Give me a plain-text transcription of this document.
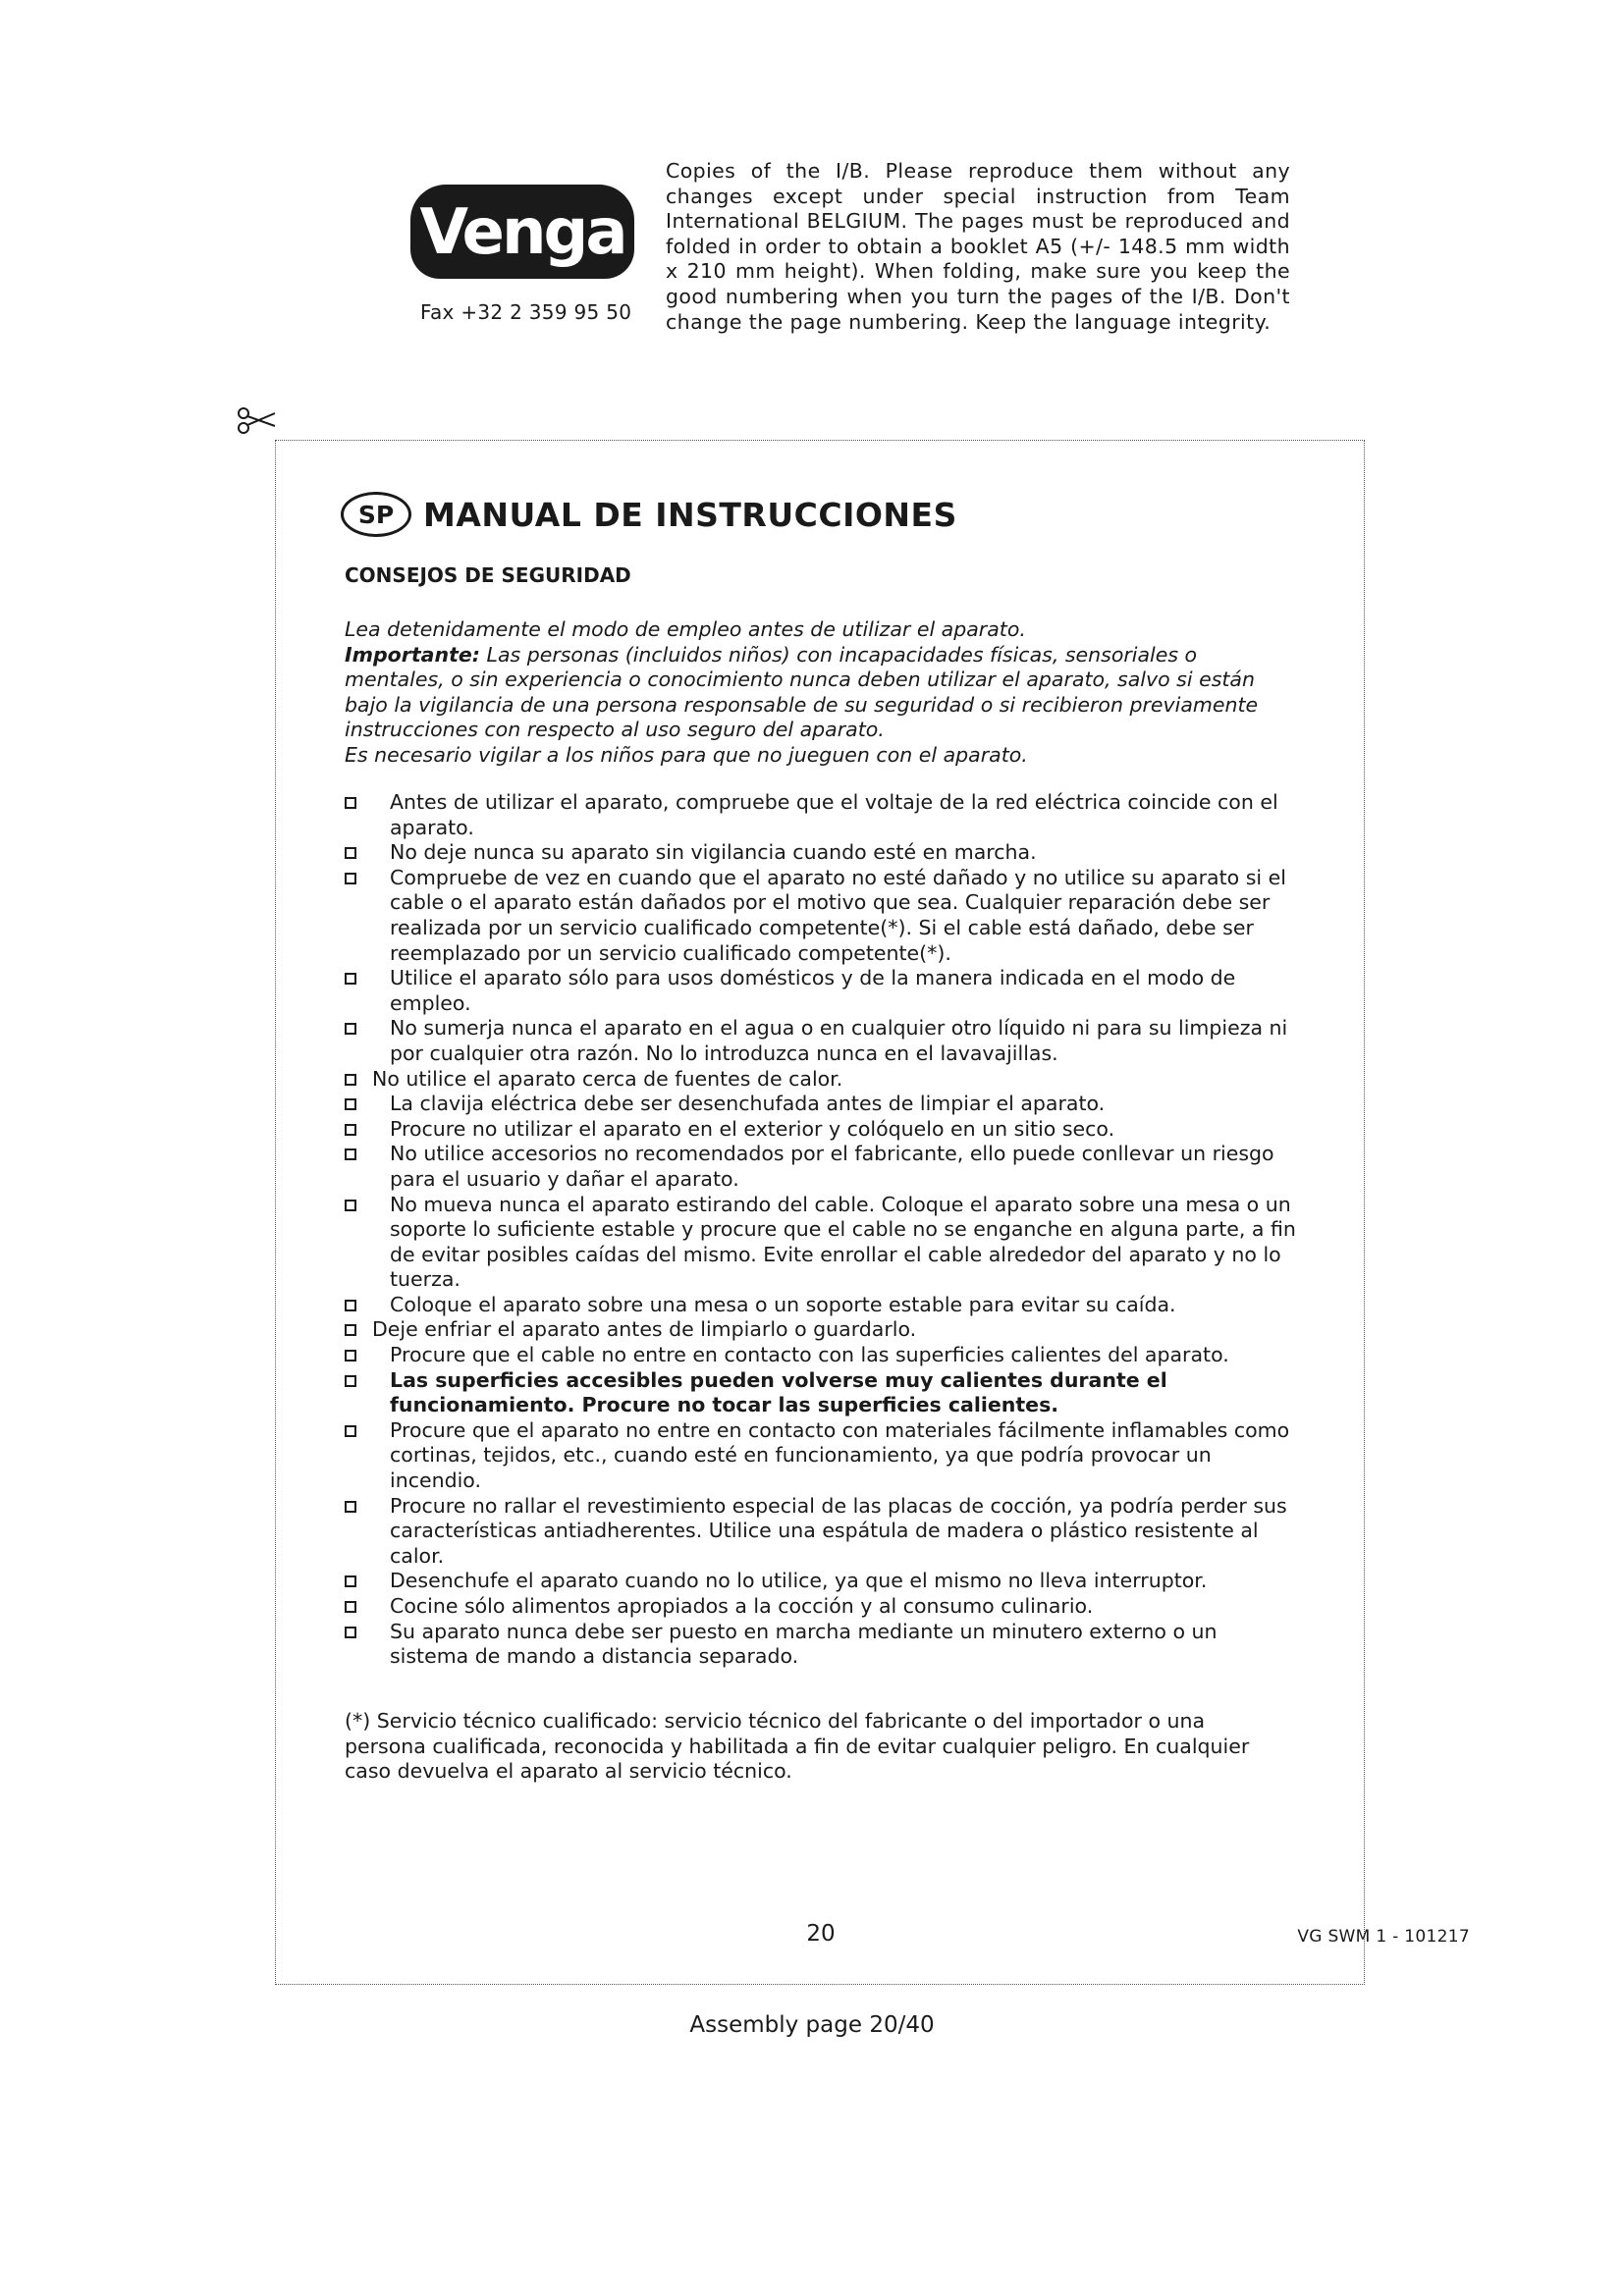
Venga
Fax +32 2 359 95 50
Copies of the I/B. Please reproduce them without any changes except under special instruction from Team International BELGIUM. The pages must be reproduced and folded in order to obtain a booklet A5 (+/- 148.5 mm width x 210 mm height). When folding, make sure you keep the good numbering when you turn the pages of the I/B. Don't change the page numbering. Keep the language integrity.
SP MANUAL DE INSTRUCCIONES
CONSEJOS DE SEGURIDAD

Lea detenidamente el modo de empleo antes de utilizar el aparato.

Importante: Las personas (incluidos niños) con incapacidades físicas, sensoriales o mentales, o sin experiencia o conocimiento nunca deben utilizar el aparato, salvo si están bajo la vigilancia de una persona responsable de su seguridad o si recibieron previamente instrucciones con respecto al uso seguro del aparato.

Es necesario vigilar a los niños para que no jueguen con el aparato.

Antes de utilizar el aparato, compruebe que el voltaje de la red eléctrica coincide con el aparato.
No deje nunca su aparato sin vigilancia cuando esté en marcha.
Compruebe de vez en cuando que el aparato no esté dañado y no utilice su aparato si el cable o el aparato están dañados por el motivo que sea. Cualquier reparación debe ser realizada por un servicio cualificado competente(*). Si el cable está dañado, debe ser reemplazado por un servicio cualificado competente(*).
Utilice el aparato sólo para usos domésticos y de la manera indicada en el modo de empleo.
No sumerja nunca el aparato en el agua o en cualquier otro líquido ni para su limpieza ni por cualquier otra razón. No lo introduzca nunca en el lavavajillas.
No utilice el aparato cerca de fuentes de calor.
La clavija eléctrica debe ser desenchufada antes de limpiar el aparato.
Procure no utilizar el aparato en el exterior y colóquelo en un sitio seco.
No utilice accesorios no recomendados por el fabricante, ello puede conllevar un riesgo para el usuario y dañar el aparato.
No mueva nunca el aparato estirando del cable. Coloque el aparato sobre una mesa o un soporte lo suficiente estable y procure que el cable no se enganche en alguna parte, a fin de evitar posibles caídas del mismo. Evite enrollar el cable alrededor del aparato y no lo tuerza.
Coloque el aparato sobre una mesa o un soporte estable para evitar su caída.
Deje enfriar el aparato antes de limpiarlo o guardarlo.
Procure que el cable no entre en contacto con las superficies calientes del aparato.
Las superficies accesibles pueden volverse muy calientes durante el funcionamiento. Procure no tocar las superficies calientes.
Procure que el aparato no entre en contacto con materiales fácilmente inflamables como cortinas, tejidos, etc., cuando esté en funcionamiento, ya que podría provocar un incendio.
Procure no rallar el revestimiento especial de las placas de cocción, ya podría perder sus características antiadherentes. Utilice una espátula de madera o plástico resistente al calor.
Desenchufe el aparato cuando no lo utilice, ya que el mismo no lleva interruptor.
Cocine sólo alimentos apropiados a la cocción y al consumo culinario.
Su aparato nunca debe ser puesto en marcha mediante un minutero externo o un sistema de mando a distancia separado.
(*) Servicio técnico cualificado: servicio técnico del fabricante o del importador o una persona cualificada, reconocida y habilitada a fin de evitar cualquier peligro. En cualquier caso devuelva el aparato al servicio técnico.
20	VG SWM 1 - 101217
Assembly page 20/40
